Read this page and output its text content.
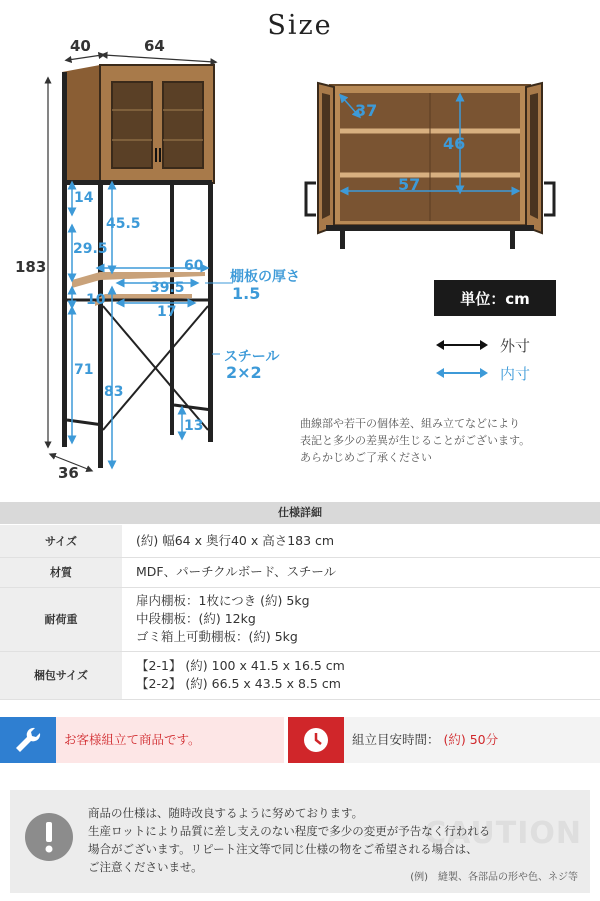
Size
40	64
183
14
45.5
29.5
60
39.5
10
17
71
83
13
36
棚板の厚さ
1.5
スチール
2×2
37
46
57
単位：cm
外寸
内寸
曲線部や若干の個体差、組み立てなどにより
表記と多少の差異が生じることがございます。
あらかじめご了承ください
仕様詳細
サイズ	(約) 幅64 x 奥行40 x 高さ183 cm

材質	MDF、パーチクルボード、スチール

耐荷重	扉内棚板：1枚につき (約) 5kg
中段棚板：(約) 12kg
ゴミ箱上可動棚板：(約) 5kg

梱包サイズ	【2-1】 (約) 100 x 41.5 x 16.5 cm
【2-2】 (約) 66.5 x 43.5 x 8.5 cm
お客様組立て商品です。	組立目安時間： (約) 50分
CAUTION
商品の仕様は、随時改良するように努めております。
生産ロットにより品質に差し支えのない程度で多少の変更が予告なく行われる
場合がございます。リピート注文等で同じ仕様の物をご希望される場合は、
ご注意くださいませ。
(例)　縫製、各部品の形や色、ネジ等
